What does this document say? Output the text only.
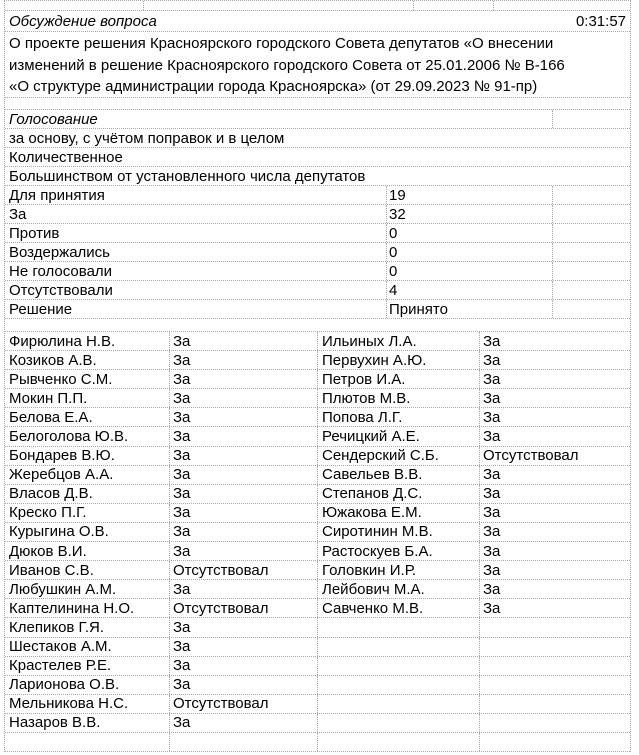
Обсуждение вопроса	0:31:57
О проекте решения Красноярского городского Совета депутатов «О внесении
изменений в решение Красноярского городского Совета от 25.01.2006 № В-166
«О структуре администрации города Красноярска» (от 29.09.2023 № 91-пр)
Голосование
за основу, с учётом поправок и в целом
Количественное
Большинством от установленного числа депутатов
Для принятия	19
За	32
Против	0
Воздержались	0
Не голосовали	0
Отсутствовали	4
Решение	Принято
Фирюлина Н.В.	За	Ильиных Л.А.	За
Козиков А.В.	За	Первухин А.Ю.	За
Рывченко С.М.	За	Петров И.А.	За
Мокин П.П.	За	Плютов М.В.	За
Белова Е.А.	За	Попова Л.Г.	За
Белоголова Ю.В.	За	Речицкий А.Е.	За
Бондарев В.Ю.	За	Сендерский С.Б.	Отсутствовал
Жеребцов А.А.	За	Савельев В.В.	За
Власов Д.В.	За	Степанов Д.С.	За
Креско П.Г.	За	Южакова Е.М.	За
Курыгина О.В.	За	Сиротинин М.В.	За
Дюков В.И.	За	Растоскуев Б.А.	За
Иванов С.В.	Отсутствовал	Головкин И.Р.	За
Любушкин А.М.	За	Лейбович М.А.	За
Каптелинина Н.О.	Отсутствовал	Савченко М.В.	За
Клепиков Г.Я.	За
Шестаков А.М.	За
Крастелев Р.Е.	За
Ларионова О.В.	За
Мельникова Н.С.	Отсутствовал
Назаров В.В.	За
